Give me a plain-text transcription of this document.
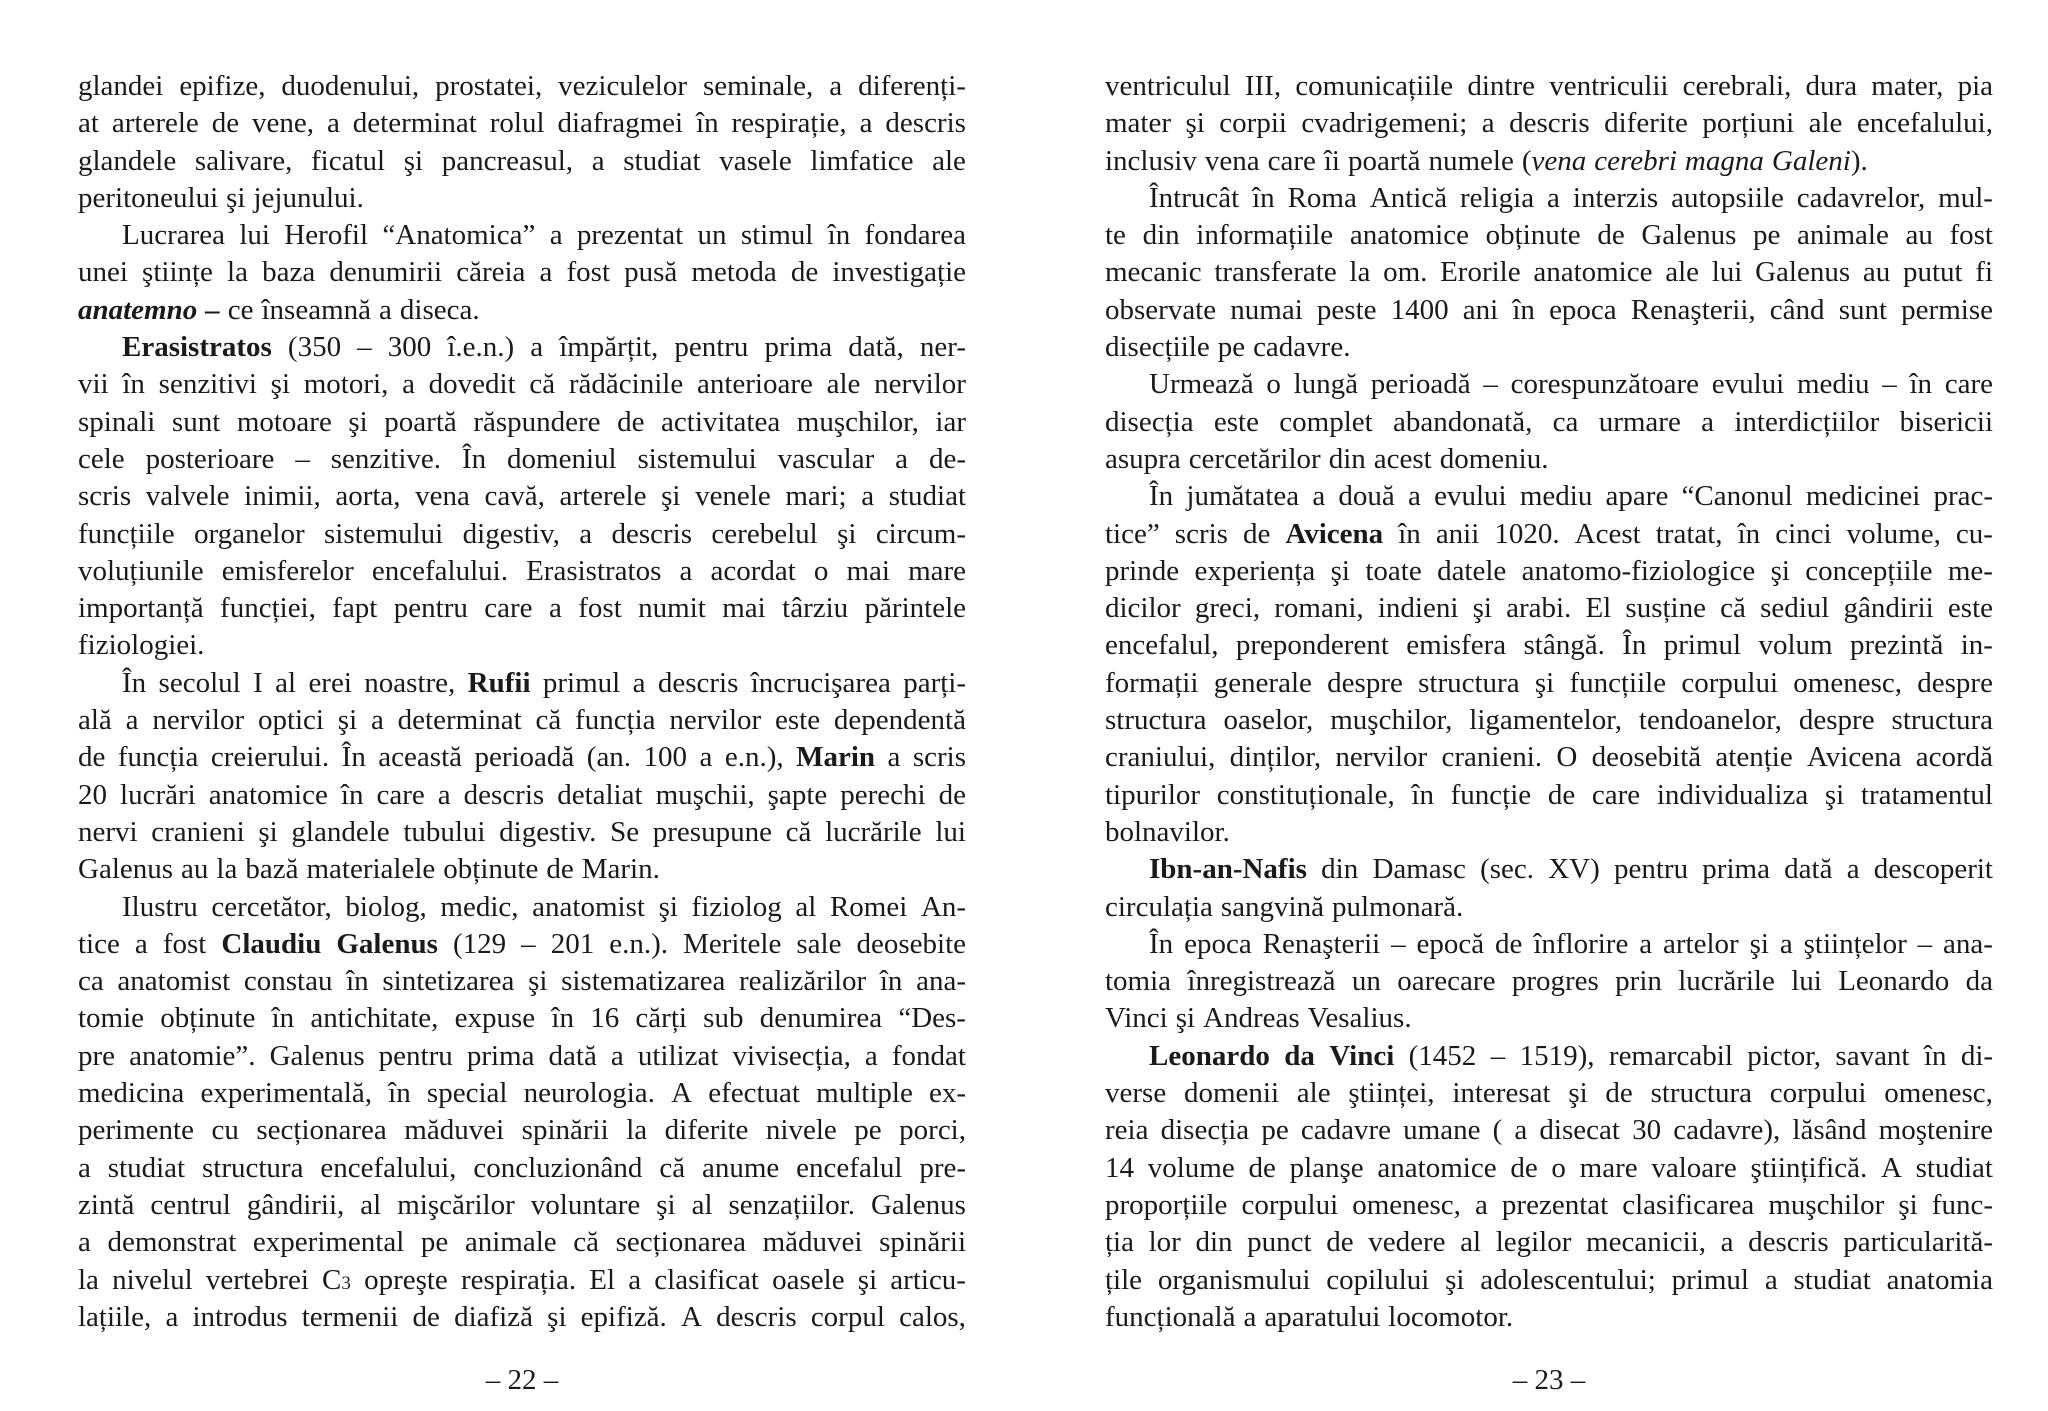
glandei epifize, duodenului, prostatei, veziculelor seminale, a diferenți-
at arterele de vene, a determinat rolul diafragmei în respirație, a descris
glandele salivare, ficatul şi pancreasul, a studiat vasele limfatice ale
peritoneului şi jejunului.
Lucrarea lui Herofil “Anatomica” a prezentat un stimul în fondarea
unei ştiințe la baza denumirii căreia a fost pusă metoda de investigație
anatemno – ce înseamnă a diseca.
Erasistratos (350 – 300 î.e.n.) a împărțit, pentru prima dată, ner-
vii în senzitivi şi motori, a dovedit că rădăcinile anterioare ale nervilor
spinali sunt motoare şi poartă răspundere de activitatea muşchilor, iar
cele posterioare – senzitive. În domeniul sistemului vascular a de-
scris valvele inimii, aorta, vena cavă, arterele şi venele mari; a studiat
funcțiile organelor sistemului digestiv, a descris cerebelul şi circum-
voluțiunile emisferelor encefalului. Erasistratos a acordat o mai mare
importanță funcției, fapt pentru care a fost numit mai târziu părintele
fiziologiei.
În secolul I al erei noastre, Rufii primul a descris încrucişarea parți-
ală a nervilor optici şi a determinat că funcția nervilor este dependentă
de funcția creierului. În această perioadă (an. 100 a e.n.), Marin a scris
20 lucrări anatomice în care a descris detaliat muşchii, şapte perechi de
nervi cranieni şi glandele tubului digestiv. Se presupune că lucrările lui
Galenus au la bază materialele obținute de Marin.
Ilustru cercetător, biolog, medic, anatomist şi fiziolog al Romei An-
tice a fost Claudiu Galenus (129 – 201 e.n.). Meritele sale deosebite
ca anatomist constau în sintetizarea şi sistematizarea realizărilor în ana-
tomie obținute în antichitate, expuse în 16 cărți sub denumirea “Des-
pre anatomie”. Galenus pentru prima dată a utilizat vivisecția, a fondat
medicina experimentală, în special neurologia. A efectuat multiple ex-
perimente cu secționarea măduvei spinării la diferite nivele pe porci,
a studiat structura encefalului, concluzionând că anume encefalul pre-
zintă centrul gândirii, al mişcărilor voluntare şi al senzațiilor. Galenus
a demonstrat experimental pe animale că secționarea măduvei spinării
la nivelul vertebrei C 3 opreşte respirația. El a clasificat oasele şi articu-
lațiile, a introdus termenii de diafiză şi epifiză. A descris corpul calos,
– 22 –
ventriculul III, comunicațiile dintre ventriculii cerebrali, dura mater, pia
mater şi corpii cvadrigemeni; a descris diferite porțiuni ale encefalului,
inclusiv vena care îi poartă numele ( vena cerebri magna Galeni ).
Întrucât în Roma Antică religia a interzis autopsiile cadavrelor, mul-
te din informațiile anatomice obținute de Galenus pe animale au fost
mecanic transferate la om. Erorile anatomice ale lui Galenus au putut fi
observate numai peste 1400 ani în epoca Renaşterii, când sunt permise
disecțiile pe cadavre.
Urmează o lungă perioadă – corespunzătoare evului mediu – în care
disecția este complet abandonată, ca urmare a interdicțiilor bisericii
asupra cercetărilor din acest domeniu.
În jumătatea a două a evului mediu apare “Canonul medicinei prac-
tice” scris de Avicena în anii 1020. Acest tratat, în cinci volume, cu-
prinde experiența şi toate datele anatomo-fiziologice şi concepțiile me-
dicilor greci, romani, indieni şi arabi. El susține că sediul gândirii este
encefalul, preponderent emisfera stângă. În primul volum prezintă in-
formații generale despre structura şi funcțiile corpului omenesc, despre
structura oaselor, muşchilor, ligamentelor, tendoanelor, despre structura
craniului, dinților, nervilor cranieni. O deosebită atenție Avicena acordă
tipurilor constituționale, în funcție de care individualiza şi tratamentul
bolnavilor.
Ibn-an-Nafis din Damasc (sec. XV) pentru prima dată a descoperit
circulația sangvină pulmonară.
În epoca Renaşterii – epocă de înflorire a artelor şi a ştiințelor – ana-
tomia înregistrează un oarecare progres prin lucrările lui Leonardo da
Vinci şi Andreas Vesalius.
Leonardo da Vinci (1452 – 1519), remarcabil pictor, savant în di-
verse domenii ale ştiinței, interesat şi de structura corpului omenesc,
reia disecția pe cadavre umane ( a disecat 30 cadavre), lăsând moştenire
14 volume de planşe anatomice de o mare valoare ştiințifică. A studiat
proporțiile corpului omenesc, a prezentat clasificarea muşchilor şi func-
ția lor din punct de vedere al legilor mecanicii, a descris particularită-
țile organismului copilului şi adolescentului; primul a studiat anatomia
funcțională a aparatului locomotor.
– 23 –
